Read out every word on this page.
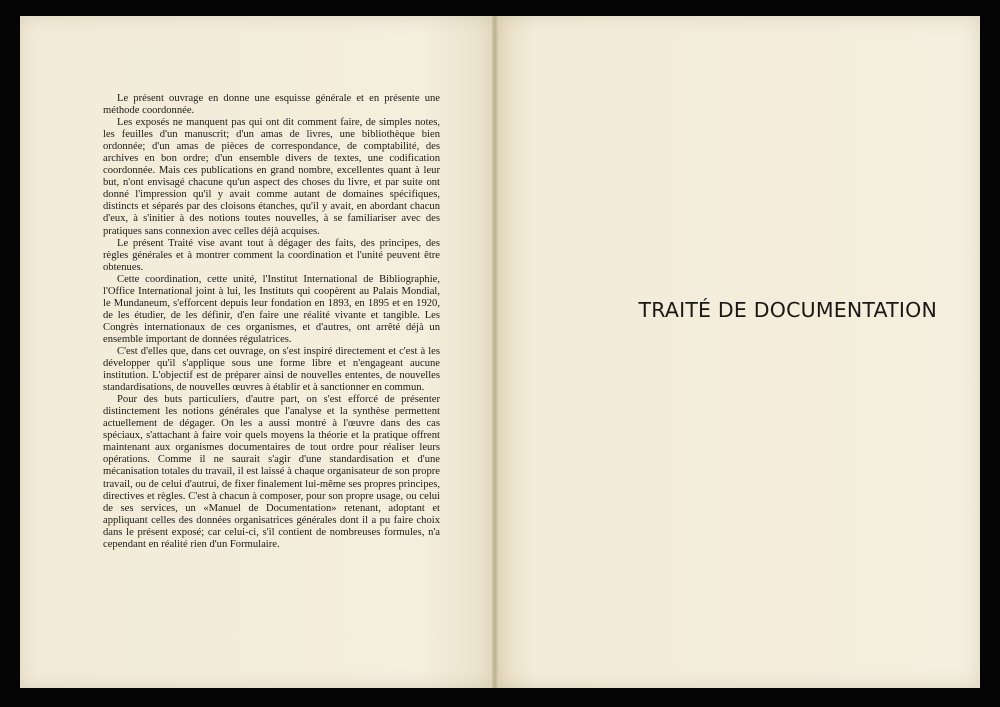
Le présent ouvrage en donne une esquisse générale et en présente une méthode coordonnée.

Les exposés ne manquent pas qui ont dit comment faire, de simples notes, les feuilles d'un manuscrit; d'un amas de livres, une bibliothèque bien ordonnée; d'un amas de pièces de correspondance, de comptabilité, des archives en bon ordre; d'un ensemble divers de textes, une codification coordonnée. Mais ces publications en grand nombre, excellentes quant à leur but, n'ont envisagé chacune qu'un aspect des choses du livre, et par suite ont donné l'impression qu'il y avait comme autant de domaines spécifiques, distincts et séparés par des cloisons étanches, qu'il y avait, en abordant chacun d'eux, à s'initier à des notions toutes nouvelles, à se familiariser avec des pratiques sans connexion avec celles déjà acquises.

Le présent Traité vise avant tout à dégager des faits, des principes, des règles générales et à montrer comment la coordination et l'unité peuvent être obtenues.

Cette coordination, cette unité, l'Institut International de Bibliographie, l'Office International joint à lui, les Instituts qui coopèrent au Palais Mondial, le Mundaneum, s'efforcent depuis leur fondation en 1893, en 1895 et en 1920, de les étudier, de les définir, d'en faire une réalité vivante et tangible. Les Congrès internationaux de ces organismes, et d'autres, ont arrêté déjà un ensemble important de données régulatrices.

C'est d'elles que, dans cet ouvrage, on s'est inspiré directement et c'est à les développer qu'il s'applique sous une forme libre et n'engageant aucune institution. L'objectif est de préparer ainsi de nouvelles ententes, de nouvelles standardisations, de nouvelles œuvres à établir et à sanctionner en commun.

Pour des buts particuliers, d'autre part, on s'est efforcé de présenter distinctement les notions générales que l'analyse et la synthèse permettent actuellement de dégager. On les a aussi montré à l'œuvre dans des cas spéciaux, s'attachant à faire voir quels moyens la théorie et la pratique offrent maintenant aux organismes documentaires de tout ordre pour réaliser leurs opérations. Comme il ne saurait s'agir d'une standardisation et d'une mécanisation totales du travail, il est laissé à chaque organisateur de son propre travail, ou de celui d'autrui, de fixer finalement lui-même ses propres principes, directives et règles. C'est à chacun à composer, pour son propre usage, ou celui de ses services, un «Manuel de Documentation» retenant, adoptant et appliquant celles des données organisatrices générales dont il a pu faire choix dans le présent exposé; car celui-ci, s'il contient de nombreuses formules, n'a cependant en réalité rien d'un Formulaire.

TRAITÉ DE DOCUMENTATION
